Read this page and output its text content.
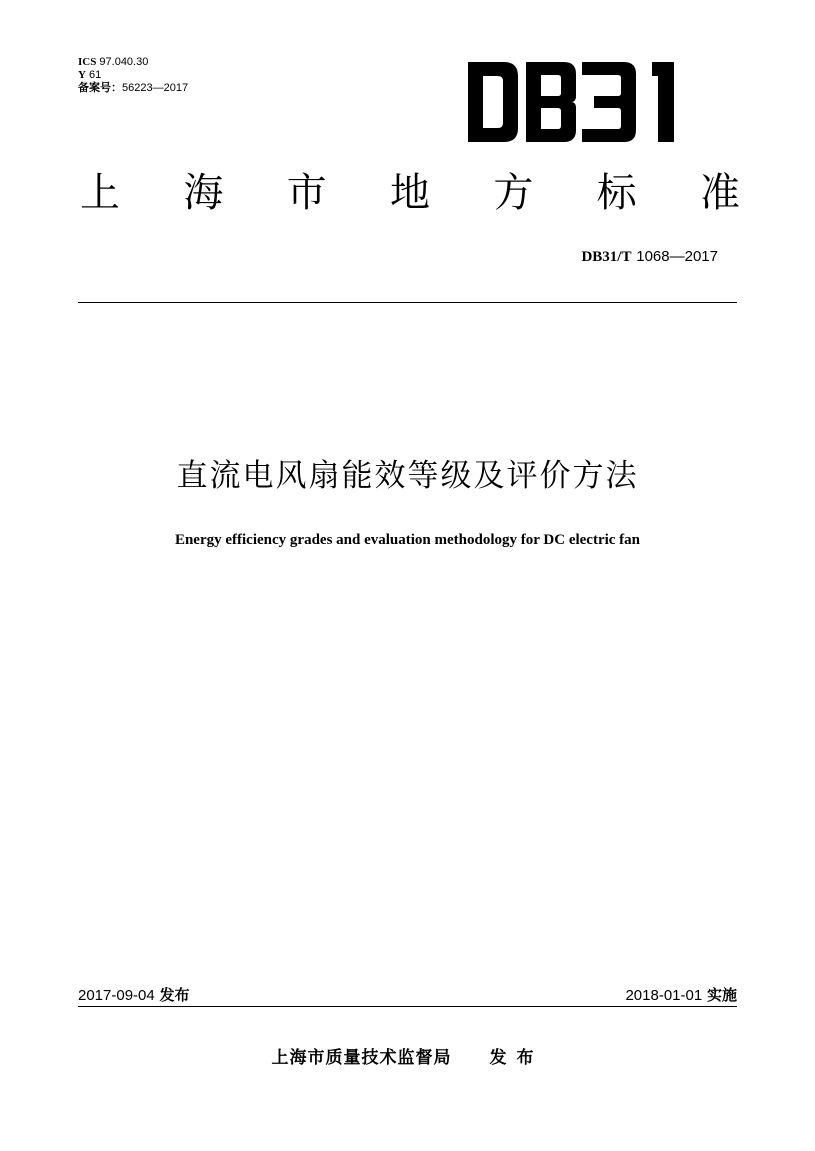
ICS 97.040.30
Y 61
备案号：56223—2017
上 海 市 地 方 标 准
DB31/T 1068—2017
直流电风扇能效等级及评价方法
Energy efficiency grades and evaluation methodology for DC electric fan
2017-09-04 发布	2018-01-01 实施
上海市质量技术监督局 发布
